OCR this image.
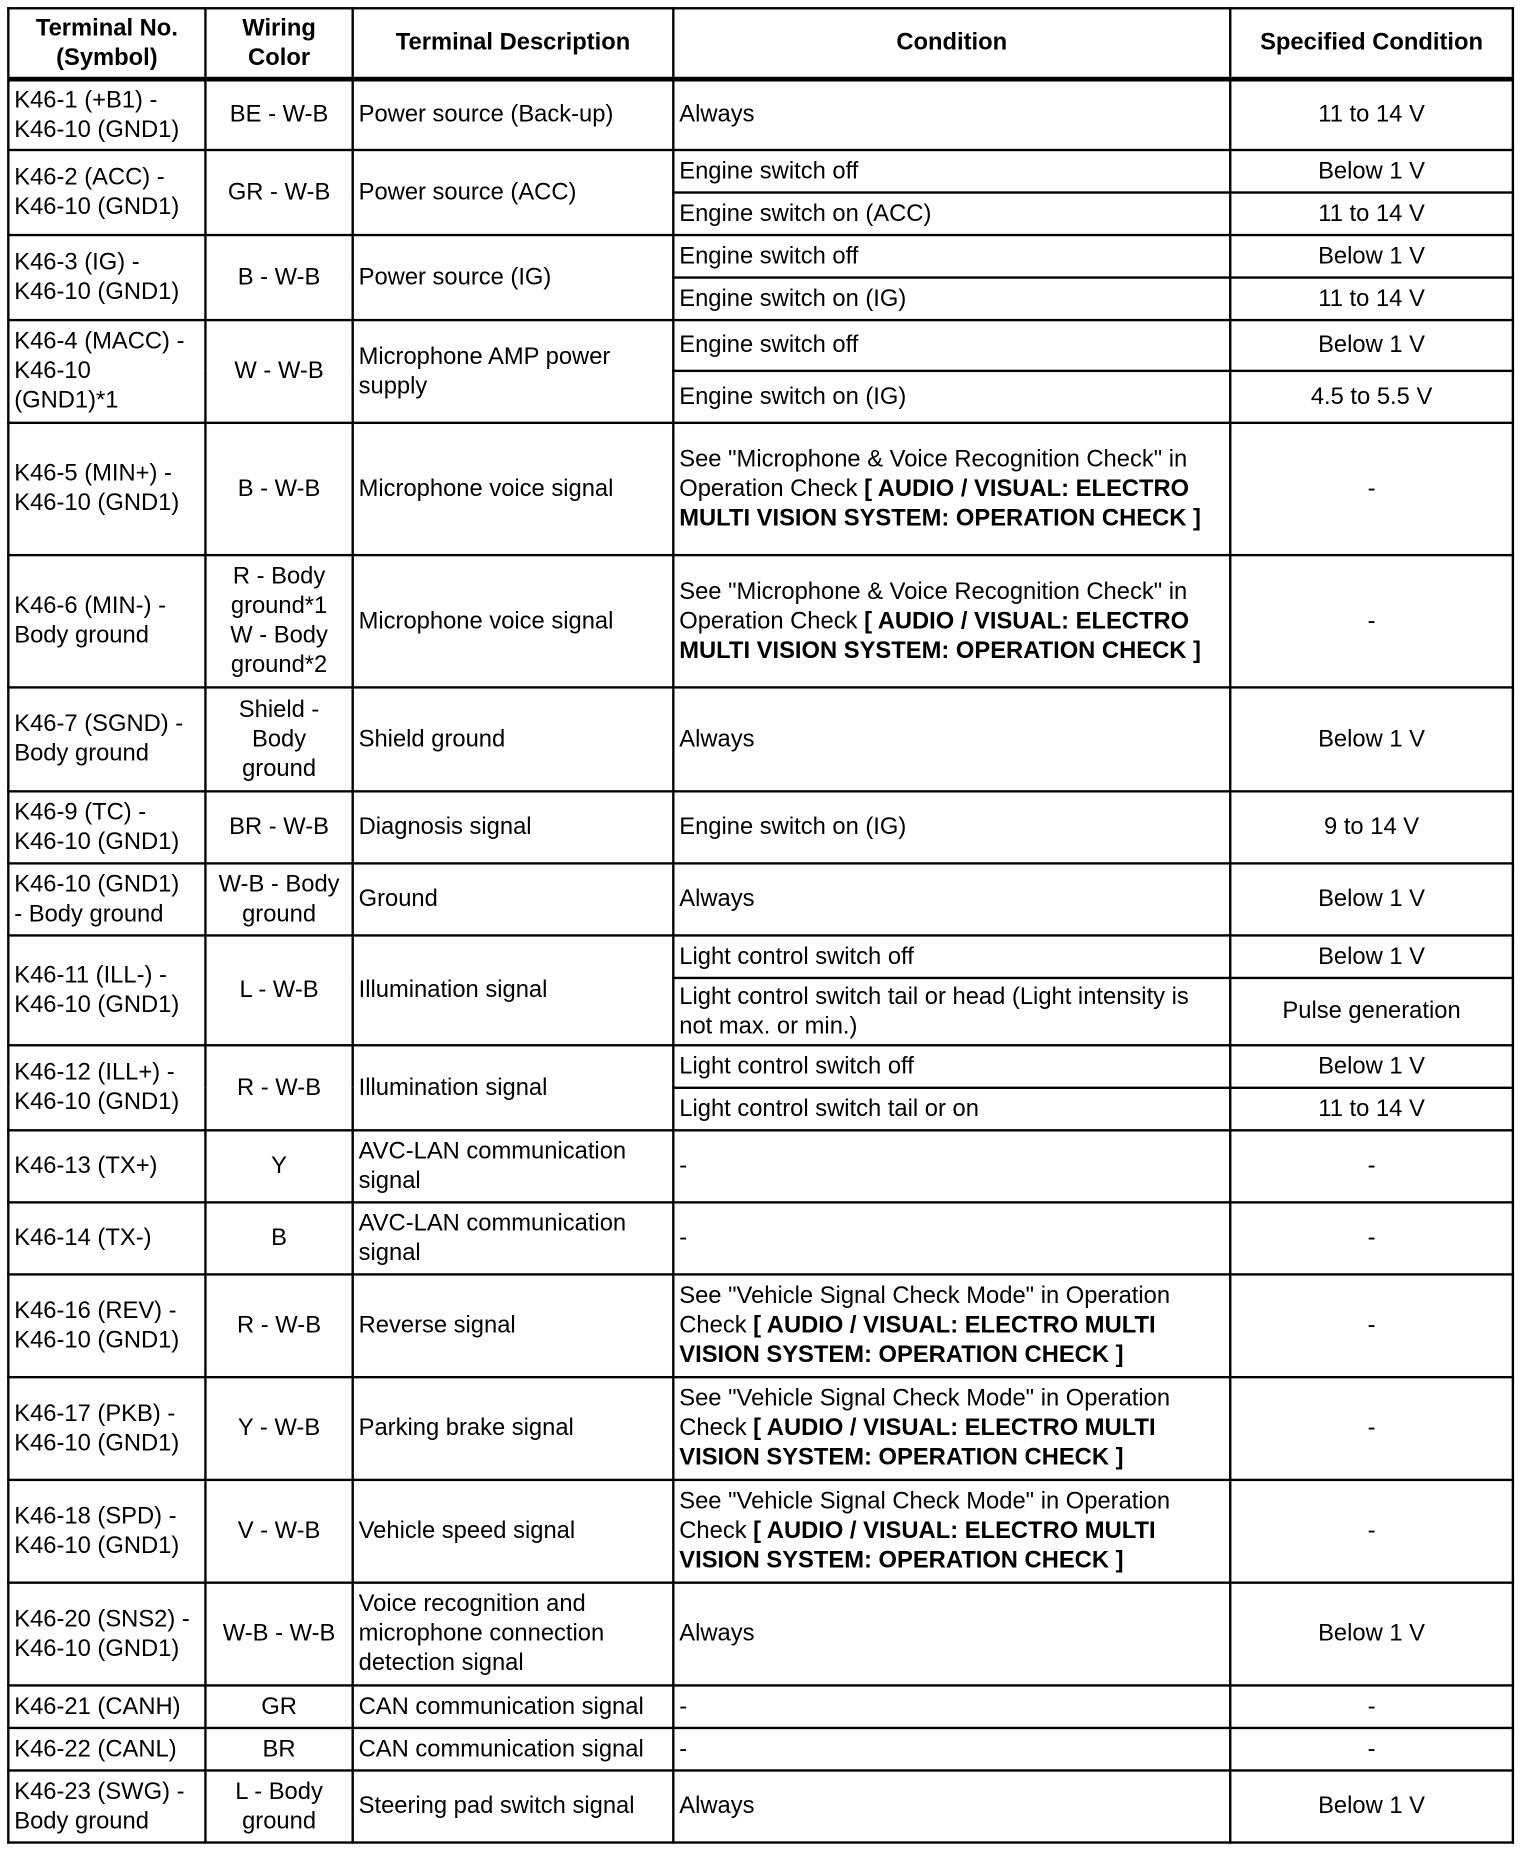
Terminal No. (Symbol)	Wiring Color	Terminal Description	Condition	Specified Condition
K46-1 (+B1) -
K46-10 (GND1)	BE - W-B	Power source (Back-up)	Always	11 to 14 V
K46-2 (ACC) -
K46-10 (GND1)	GR - W-B	Power source (ACC)	Engine switch off	Below 1 V
			Engine switch on (ACC)	11 to 14 V
K46-3 (IG) -
K46-10 (GND1)	B - W-B	Power source (IG)	Engine switch off	Below 1 V
			Engine switch on (IG)	11 to 14 V
K46-4 (MACC) -
K46-10
(GND1)*1	W - W-B	Microphone AMP power
supply	Engine switch off	Below 1 V
			Engine switch on (IG)	4.5 to 5.5 V
K46-5 (MIN+) -
K46-10 (GND1)	B - W-B	Microphone voice signal	See "Microphone & Voice Recognition Check" in Operation Check [ AUDIO / VISUAL: ELECTRO MULTI VISION SYSTEM: OPERATION CHECK ]	-
K46-6 (MIN-) -
Body ground	R - Body
ground*1
W - Body
ground*2	Microphone voice signal	See "Microphone & Voice Recognition Check" in Operation Check [ AUDIO / VISUAL: ELECTRO MULTI VISION SYSTEM: OPERATION CHECK ]	-
K46-7 (SGND) -
Body ground	Shield -
Body
ground	Shield ground	Always	Below 1 V
K46-9 (TC) -
K46-10 (GND1)	BR - W-B	Diagnosis signal	Engine switch on (IG)	9 to 14 V
K46-10 (GND1)
- Body ground	W-B - Body
ground	Ground	Always	Below 1 V
K46-11 (ILL-) -
K46-10 (GND1)	L - W-B	Illumination signal	Light control switch off	Below 1 V
			Light control switch tail or head (Light intensity is not max. or min.)	Pulse generation
K46-12 (ILL+) -
K46-10 (GND1)	R - W-B	Illumination signal	Light control switch off	Below 1 V
			Light control switch tail or on	11 to 14 V
K46-13 (TX+)	Y	AVC-LAN communication
signal	-	-
K46-14 (TX-)	B	AVC-LAN communication
signal	-	-
K46-16 (REV) -
K46-10 (GND1)	R - W-B	Reverse signal	See "Vehicle Signal Check Mode" in Operation Check [ AUDIO / VISUAL: ELECTRO MULTI VISION SYSTEM: OPERATION CHECK ]	-
K46-17 (PKB) -
K46-10 (GND1)	Y - W-B	Parking brake signal	See "Vehicle Signal Check Mode" in Operation Check [ AUDIO / VISUAL: ELECTRO MULTI VISION SYSTEM: OPERATION CHECK ]	-
K46-18 (SPD) -
K46-10 (GND1)	V - W-B	Vehicle speed signal	See "Vehicle Signal Check Mode" in Operation Check [ AUDIO / VISUAL: ELECTRO MULTI VISION SYSTEM: OPERATION CHECK ]	-
K46-20 (SNS2) -
K46-10 (GND1)	W-B - W-B	Voice recognition and
microphone connection
detection signal	Always	Below 1 V
K46-21 (CANH)	GR	CAN communication signal	-	-
K46-22 (CANL)	BR	CAN communication signal	-	-
K46-23 (SWG) -
Body ground	L - Body
ground	Steering pad switch signal	Always	Below 1 V
